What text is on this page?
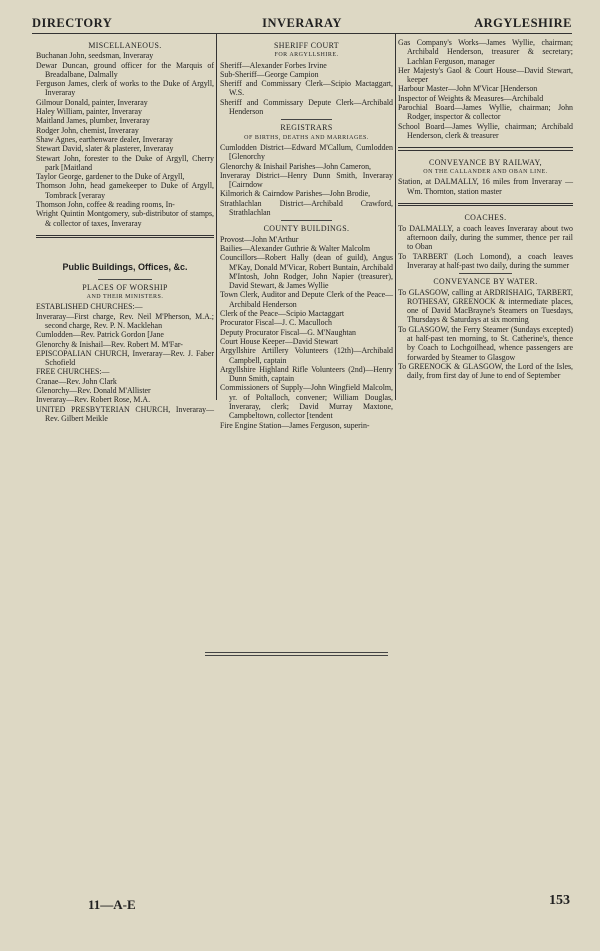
DIRECTORY	INVERARAY	ARGYLESHIRE
MISCELLANEOUS.
Buchanan John, seedsman, Inveraray
Dewar Duncan, ground officer for the Marquis of Breadalbane, Dalmally
Ferguson James, clerk of works to the Duke of Argyll, Inveraray
Gilmour Donald, painter, Inveraray
Haley William, painter, Inveraray
Maitland James, plumber, Inveraray
Rodger John, chemist, Inveraray
Shaw Agnes, earthenware dealer, Inveraray
Stewart David, slater & plasterer, Inveraray
Stewart John, forester to the Duke of Argyll, Cherry park [Maitland
Taylor George, gardener to the Duke of Argyll,
Thomson John, head gamekeeper to Duke of Argyll, Tombrack [veraray
Thomson John, coffee & reading rooms, In-
Wright Quintin Montgomery, sub-distributor of stamps, & collector of taxes, Inveraray
Public Buildings, Offices, &c.
PLACES OF WORSHIP
AND THEIR MINISTERS.
ESTABLISHED CHURCHES:—
Inveraray—First charge, Rev. Neil M'Pherson, M.A.; second charge, Rev. P. N. Macklehan
Cumlodden—Rev. Patrick Gordon [Jane
Glenorchy & Inishail—Rev. Robert M. M'Far-
EPISCOPALIAN CHURCH, Inveraray—Rev. J. Faber Schofield
FREE CHURCHES:—
Cranae—Rev. John Clark
Glenorchy—Rev. Donald M'Allister
Inveraray—Rev. Robert Rose, M.A.
UNITED PRESBYTERIAN CHURCH, Inveraray—Rev. Gilbert Meikle
SHERIFF COURT
FOR ARGYLLSHIRE.
Sheriff—Alexander Forbes Irvine
Sub-Sheriff—George Campion
Sheriff and Commissary Clerk—Scipio Mactaggart, W.S.
Sheriff and Commissary Depute Clerk—Archibald Henderson
REGISTRARS
OF BIRTHS, DEATHS AND MARRIAGES.
Cumlodden District—Edward M'Callum, Cumlodden [Glenorchy
Glenorchy & Inishail Parishes—John Cameron,
Inveraray District—Henry Dunn Smith, Inveraray [Cairndow
Kilmorich & Cairndow Parishes—John Brodie,
Strathlachlan District—Archibald Crawford, Strathlachlan
COUNTY BUILDINGS.
Provost—John M'Arthur
Bailies—Alexander Guthrie & Walter Malcolm
Councillors—Robert Hally (dean of guild), Angus M'Kay, Donald M'Vicar, Robert Buntain, Archibald M'Intosh, John Rodger, John Napier (treasurer), David Stewart, & James Wyllie
Town Clerk, Auditor and Depute Clerk of the Peace—Archibald Henderson
Clerk of the Peace—Scipio Mactaggart
Procurator Fiscal—J. C. Maculloch
Deputy Procurator Fiscal—G. M'Naughtan
Court House Keeper—David Stewart
Argyllshire Artillery Volunteers (12th)—Archibald Campbell, captain
Argyllshire Highland Rifle Volunteers (2nd)—Henry Dunn Smith, captain
Commissioners of Supply—John Wingfield Malcolm, yr. of Poltalloch, convener; William Douglas, Inveraray, clerk; David Murray Maxtone, Campbeltown, collector [tendent
Fire Engine Station—James Ferguson, superin-
Gas Company's Works—James Wyllie, chairman; Archibald Henderson, treasurer & secretary; Lachlan Ferguson, manager
Her Majesty's Gaol & Court House—David Stewart, keeper
Harbour Master—John M'Vicar [Henderson
Inspector of Weights & Measures—Archibald
Parochial Board—James Wyllie, chairman; John Rodger, inspector & collector
School Board—James Wyllie, chairman; Archibald Henderson, clerk & treasurer
CONVEYANCE BY RAILWAY,
ON THE CALLANDER AND OBAN LINE.
Station, at DALMALLY, 16 miles from Inveraray —Wm. Thornton, station master
COACHES.
To DALMALLY, a coach leaves Inveraray about two afternoon daily, during the summer, thence per rail to Oban
To TARBERT (Loch Lomond), a coach leaves Inveraray at half-past two daily, during the summer
CONVEYANCE BY WATER.
To GLASGOW, calling at ARDRISHAIG, TARBERT, ROTHESAY, GREENOCK & intermediate places, one of David MacBrayne's Steamers on Tuesdays, Thursdays & Saturdays at six morning
To GLASGOW, the Ferry Steamer (Sundays excepted) at half-past ten morning, to St. Catherine's, thence by Coach to Lochgoilhead, whence passengers are forwarded by Steamer to Glasgow
To GREENOCK & GLASGOW, the Lord of the Isles, daily, from first day of June to end of September
11—A-E	153
